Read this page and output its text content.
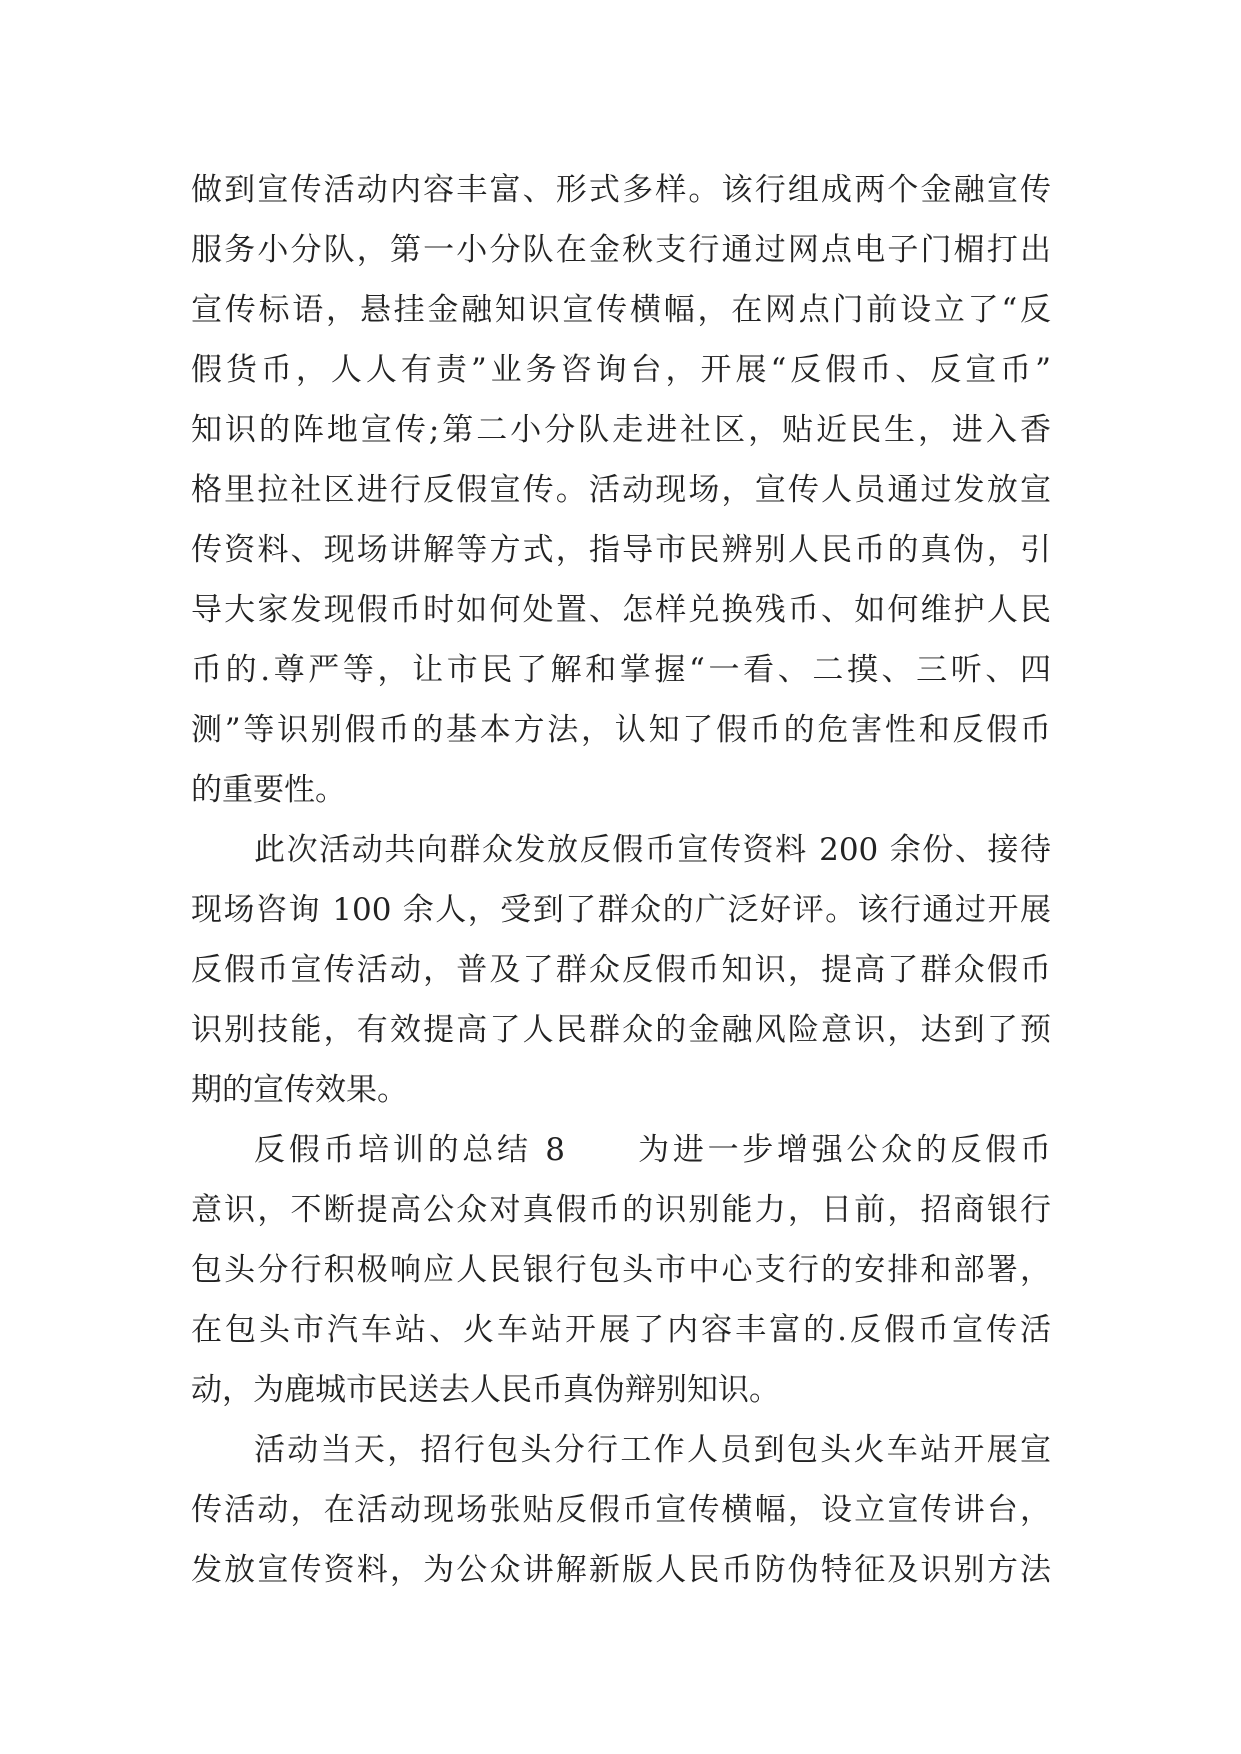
做到宣传活动内容丰富、形式多样。该行组成两个金融宣传
服务小分队，第一小分队在金秋支行通过网点电子门楣打出
宣传标语，悬挂金融知识宣传横幅，在网点门前设立了“反
假货币，人人有责”业务咨询台，开展“反假币、反宣币”
知识的阵地宣传;第二小分队走进社区，贴近民生，进入香
格里拉社区进行反假宣传。活动现场，宣传人员通过发放宣
传资料、现场讲解等方式，指导市民辨别人民币的真伪，引
导大家发现假币时如何处置、怎样兑换残币、如何维护人民
币的.尊严等，让市民了解和掌握“一看、二摸、三听、四
测”等识别假币的基本方法，认知了假币的危害性和反假币
的重要性。
此次活动共向群众发放反假币宣传资料 200 余份、接待
现场咨询 100 余人，受到了群众的广泛好评。该行通过开展
反假币宣传活动，普及了群众反假币知识，提高了群众假币
识别技能，有效提高了人民群众的金融风险意识，达到了预
期的宣传效果。
反假币培训的总结 8　　为进一步增强公众的反假币
意识，不断提高公众对真假币的识别能力，日前，招商银行
包头分行积极响应人民银行包头市中心支行的安排和部署，
在包头市汽车站、火车站开展了内容丰富的.反假币宣传活
动，为鹿城市民送去人民币真伪辩别知识。
活动当天，招行包头分行工作人员到包头火车站开展宣
传活动，在活动现场张贴反假币宣传横幅，设立宣传讲台，
发放宣传资料，为公众讲解新版人民币防伪特征及识别方法
